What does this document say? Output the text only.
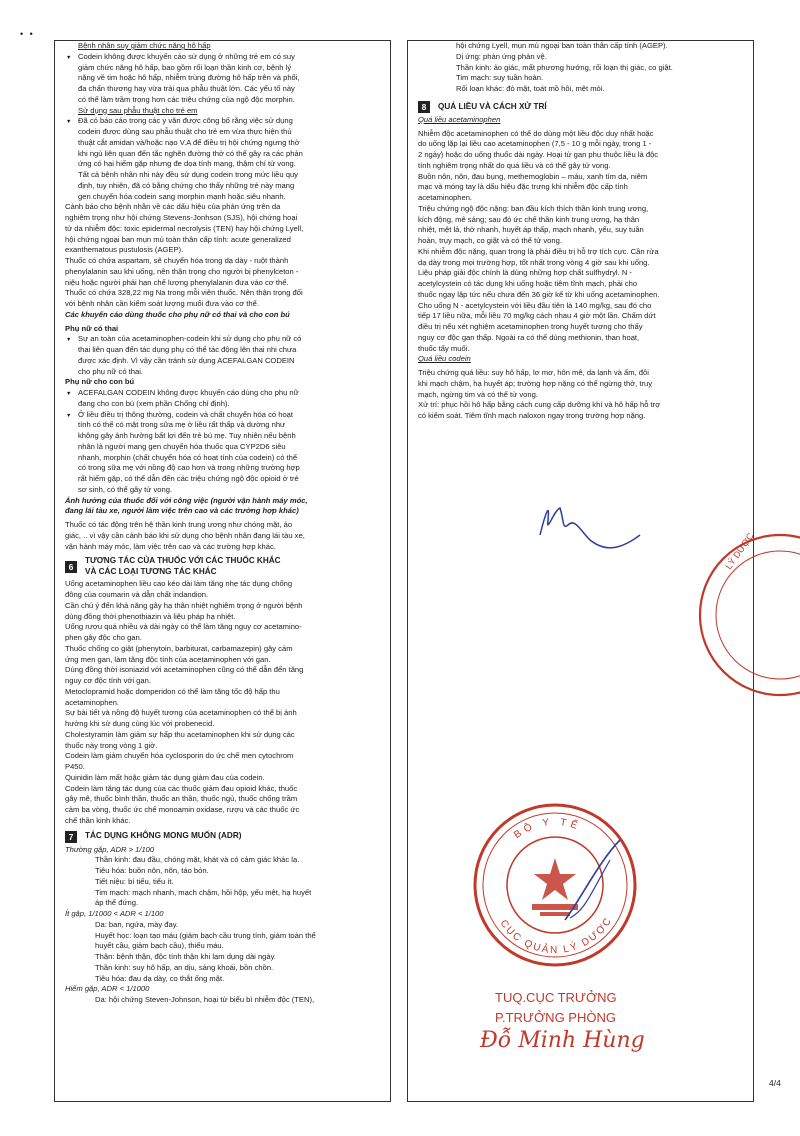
• •
Bệnh nhân suy giảm chức năng hô hấp
▼ Codein không được khuyến cáo sử dụng ở những trẻ em có suy
giảm chức năng hô hấp, bao gồm rối loạn thần kinh cơ, bệnh lý
nặng về tim hoặc hô hấp, nhiễm trùng đường hô hấp trên và phổi,
đa chấn thương hay vừa trải qua phẫu thuật lớn. Các yếu tố này
có thể làm trầm trọng hơn các triệu chứng của ngộ độc morphin.
Sử dụng sau phẫu thuật cho trẻ em
▼ Đã có báo cáo trong các y văn được công bố rằng việc sử dụng
codein được dùng sau phẫu thuật cho trẻ em vừa thực hiện thủ
thuật cắt amidan và/hoặc nạo V.A để điều trị hội chứng ngưng thở
khi ngủ liên quan đến tắc nghẽn đường thở có thể gây ra các phản
ứng có hại hiếm gặp nhưng đe dọa tính mạng, thậm chí tử vong.
Tất cả bệnh nhân nhi này đều sử dụng codein trong mức liều quy
định, tuy nhiên, đã có bằng chứng cho thấy những trẻ này mang
gen chuyển hóa codein sang morphin mạnh hoặc siêu nhanh.
Cảnh báo cho bệnh nhân về các dấu hiệu của phản ứng trên da
nghiêm trọng như hội chứng Stevens-Jonhson (SJS), hội chứng hoại
tử da nhiễm độc: toxic epidermal necrolysis (TEN) hay hội chứng Lyell,
hội chứng ngoại ban mụn mủ toàn thân cấp tính: acute generalized
exanthematous pustulosis (AGEP).
Thuốc có chứa aspartam, sẽ chuyển hóa trong dạ dày - ruột thành
phenylalanin sau khi uống, nên thận trọng cho người bị phenylceton -
niệu hoặc người phải hạn chế lượng phenylalanin đưa vào cơ thể.
Thuốc có chứa 328,22 mg Na trong mỗi viên thuốc. Nên thận trọng đối
với bệnh nhân cần kiểm soát lượng muối đưa vào cơ thể.
Các khuyến cáo dùng thuốc cho phụ nữ có thai và cho con bú
Phụ nữ có thai
▼ Sự an toàn của acetaminophen-codein khi sử dụng cho phụ nữ có
thai liên quan đến tác dụng phụ có thể tác động lên thai nhi chưa
được xác định. Vì vậy cần tránh sử dụng ACEFALGAN CODEIN
cho phụ nữ có thai.
Phụ nữ cho con bú
▼ ACEFALGAN CODEIN không được khuyến cáo dùng cho phụ nữ
đang cho con bú (xem phần Chống chỉ định).
▼ Ở liều điều trị thông thường, codein và chất chuyển hóa có hoạt
tính có thể có mặt trong sữa mẹ ở liều rất thấp và dường như
không gây ảnh hưởng bất lợi đến trẻ bú mẹ. Tuy nhiên nếu bệnh
nhân là người mang gen chuyển hóa thuốc qua CYP2D6 siêu
nhanh, morphin (chất chuyển hóa có hoạt tính của codein) có thể
có trong sữa mẹ với nồng độ cao hơn và trong những trường hợp
rất hiếm gặp, có thể dẫn đến các triệu chứng ngộ độc opioid ở trẻ
sơ sinh, có thể gây tử vong.
Ảnh hưởng của thuốc đối với công việc (người vận hành máy móc,
đang lái tàu xe, người làm việc trên cao và các trường hợp khác)
Thuốc có tác động trên hệ thần kinh trung ương như chóng mặt, ảo
giác, .. vì vậy cần cảnh báo khi sử dụng cho bệnh nhân đang lái tàu xe,
vận hành máy móc, làm việc trên cao và các trường hợp khác.
6
TƯƠNG TÁC CỦA THUỐC VỚI CÁC THUỐC KHÁC
VÀ CÁC LOẠI TƯƠNG TÁC KHÁC
Uống acetaminophen liều cao kéo dài làm tăng nhẹ tác dụng chống
đông của coumarin và dẫn chất indandion.
Cần chú ý đến khả năng gây hạ thân nhiệt nghiêm trọng ở người bệnh
dùng đồng thời phenothiazin và liệu pháp hạ nhiệt.
Uống rượu quá nhiều và dài ngày có thể làm tăng nguy cơ acetamino-
phen gây độc cho gan.
Thuốc chống co giật (phenytoin, barbiturat, carbamazepin) gây cảm
ứng men gan, làm tăng độc tính của acetaminophen với gan.
Dùng đồng thời isoniazid với acetaminophen cũng có thể dẫn đến tăng
nguy cơ độc tính với gan.
Metoclopramid hoặc domperidon có thể làm tăng tốc độ hấp thu
acetaminophen.
Sự bài tiết và nồng độ huyết tương của acetaminophen có thể bị ảnh
hưởng khi sử dụng cùng lúc với probenecid.
Cholestyramin làm giảm sự hấp thu acetaminophen khi sử dụng các
thuốc này trong vòng 1 giờ.
Codein làm giảm chuyển hóa cyclosporin do ức chế men cytochrom
P450.
Quinidin làm mất hoặc giảm tác dụng giảm đau của codein.
Codein làm tăng tác dụng của các thuốc giảm đau opioid khác, thuốc
gây mê, thuốc bình thần, thuốc an thần, thuốc ngủ, thuốc chống trầm
cảm ba vòng, thuốc ức chế monoamin oxidase, rượu và các thuốc ức
chế thần kinh khác.
7	TÁC DỤNG KHÔNG MONG MUỐN (ADR)
Thường gặp, ADR > 1/100
Thần kinh: đau đầu, chóng mặt, khát và có cảm giác khác lạ.
Tiêu hóa: buồn nôn, nôn, táo bón.
Tiết niệu: bí tiểu, tiểu ít.
Tim mạch: mạch nhanh, mạch chậm, hồi hộp, yếu mệt, hạ huyết
áp thể đứng.
Ít gặp, 1/1000 < ADR < 1/100
Da: ban, ngứa, mày đay.
Huyết học: loạn tạo máu (giảm bạch cầu trung tính, giảm toàn thể
huyết cầu, giảm bạch cầu), thiếu máu.
Thận: bệnh thận, độc tính thận khi lạm dụng dài ngày.
Thần kinh: suy hô hấp, an dịu, sảng khoái, bồn chồn.
Tiêu hóa: đau dạ dày, co thắt ống mật.
Hiếm gặp, ADR < 1/1000
Da: hội chứng Steven-Johnson, hoại tử biểu bì nhiễm độc (TEN),
hội chứng Lyell, mụn mủ ngoại ban toàn thân cấp tính (AGEP).
Dị ứng: phản ứng phản vệ.
Thần kinh: ảo giác, mất phương hướng, rối loạn thị giác, co giật.
Tim mạch: suy tuần hoàn.
Rối loạn khác: đỏ mặt, toát mồ hôi, mệt mỏi.
8	QUÁ LIỀU VÀ CÁCH XỬ TRÍ
Quá liều acetaminophen
Nhiễm độc acetaminophen có thể do dùng một liều độc duy nhất hoặc
do uống lặp lại liều cao acetaminophen (7,5 - 10 g mỗi ngày, trong 1 -
2 ngày) hoặc do uống thuốc dài ngày. Hoại tử gan phụ thuộc liều là độc
tính nghiêm trọng nhất do quá liều và có thể gây tử vong.
Buồn nôn, nôn, đau bụng, methemoglobin – máu, xanh tím da, niêm
mạc và móng tay là dấu hiệu đặc trưng khi nhiễm độc cấp tính
acetaminophen.
Triệu chứng ngộ độc nặng: ban đầu kích thích thần kinh trung ương,
kích động, mê sảng; sau đó ức chế thần kinh trung ương, hạ thân
nhiệt, mệt lả, thở nhanh, huyết áp thấp, mạch nhanh, yếu, suy tuần
hoàn, trụy mạch, co giật và có thể tử vong.
Khi nhiễm độc nặng, quan trọng là phải điều trị hỗ trợ tích cực. Cần rửa
dạ dày trong mọi trường hợp, tốt nhất trong vòng 4 giờ sau khi uống.
Liệu pháp giải độc chính là dùng những hợp chất sulfhydryl. N -
acetylcystein có tác dụng khi uống hoặc tiêm tĩnh mạch, phải cho
thuốc ngay lập tức nếu chưa đến 36 giờ kể từ khi uống acetaminophen.
Cho uống N - acetylcystein với liều đầu tiên là 140 mg/kg, sau đó cho
tiếp 17 liều nữa, mỗi liều 70 mg/kg cách nhau 4 giờ một lần. Chấm dứt
điều trị nếu xét nghiệm acetaminophen trong huyết tương cho thấy
nguy cơ độc gan thấp. Ngoài ra có thể dùng methionin, than hoạt,
thuốc tẩy muối.
Quá liều codein
Triệu chứng quá liều: suy hô hấp, lơ mơ, hôn mê, da lạnh và ẩm, đôi
khi mạch chậm, hạ huyết áp; trường hợp nặng có thể ngừng thở, truỵ
mạch, ngừng tim và có thể tử vong.
Xử trí: phục hồi hô hấp bằng cách cung cấp dưỡng khí và hô hấp hỗ trợ
có kiểm soát. Tiêm tĩnh mạch naloxon ngay trong trường hợp nặng.
LÝ DƯỢC
BỘ Y TẾ
CỤC QUẢN LÝ DƯỢC
TUQ.CỤC TRƯỞNG
P.TRƯỞNG PHÒNG
Đỗ Minh Hùng
4/4
